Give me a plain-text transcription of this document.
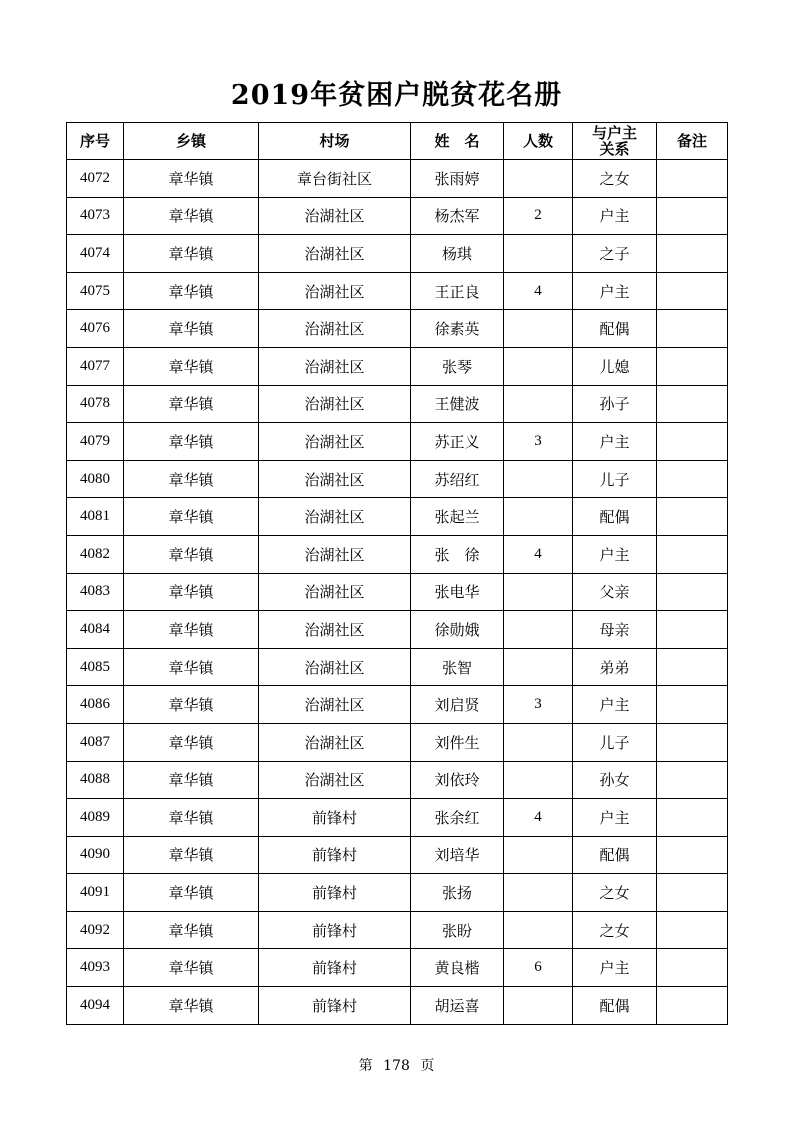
2019年贫困户脱贫花名册
序号	乡镇	村场	姓　名	人数	与户主关系	备注
4072	章华镇	章台街社区	张雨婷		之女	
4073	章华镇	治湖社区	杨杰军	2	户主	
4074	章华镇	治湖社区	杨琪		之子	
4075	章华镇	治湖社区	王正良	4	户主	
4076	章华镇	治湖社区	徐素英		配偶	
4077	章华镇	治湖社区	张琴		儿媳	
4078	章华镇	治湖社区	王健波		孙子	
4079	章华镇	治湖社区	苏正义	3	户主	
4080	章华镇	治湖社区	苏绍红		儿子	
4081	章华镇	治湖社区	张起兰		配偶	
4082	章华镇	治湖社区	张　徐	4	户主	
4083	章华镇	治湖社区	张电华		父亲	
4084	章华镇	治湖社区	徐勋娥		母亲	
4085	章华镇	治湖社区	张智		弟弟	
4086	章华镇	治湖社区	刘启贤	3	户主	
4087	章华镇	治湖社区	刘件生		儿子	
4088	章华镇	治湖社区	刘依玲		孙女	
4089	章华镇	前锋村	张余红	4	户主	
4090	章华镇	前锋村	刘培华		配偶	
4091	章华镇	前锋村	张扬		之女	
4092	章华镇	前锋村	张盼		之女	
4093	章华镇	前锋村	黄良楷	6	户主	
4094	章华镇	前锋村	胡运喜		配偶	
第 178 页
